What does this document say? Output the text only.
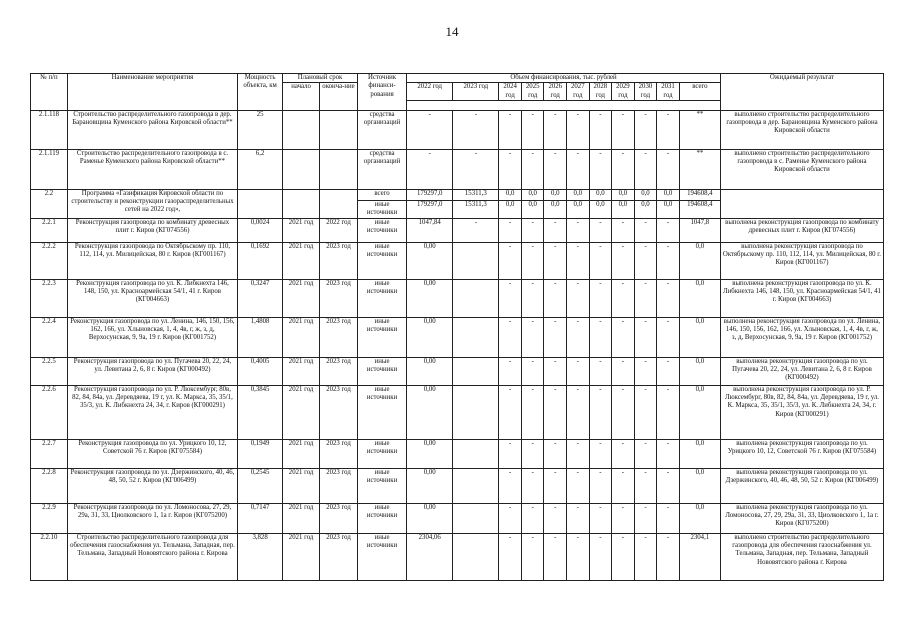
14
№ п/п	Наименование мероприятия	Мощность объекта, км	Плановый срок		Источник финанси-рования	Объем финансирования, тыс. рублей											Ожидаемый результат
			начало	оконча-ние		2022 год	2023 год	2024 год	2025 год	2026 год	2027 год	2028 год	2029 год	2030 год	2031 год	всего	

2.1.118	Строительство распределительного газопровода в дер. Барановщина Куменского района Кировской области**	25			средства организаций	-	-	-	-	-	-	-	-	-	-	**	выполнено строительство распределительного газопровода в дер. Барановщина Куменского района Кировской области
2.1.119	Строительство распределительного газопровода в с. Раменье Куменского района Кировской области**	6,2			средства организаций	-	-	-	-	-	-	-	-	-	-	**	выполнено строительство распределительного газопровода в с. Раменье Куменского района Кировской области
2.2	Программа «Газификация Кировской области по строительству и реконструкции газораспределительных сетей на 2022 год»,				всего	179297,0	15311,3	0,0	0,0	0,0	0,0	0,0	0,0	0,0	0,0	194608,4	
					иные источники	179297,0	15311,3	0,0	0,0	0,0	0,0	0,0	0,0	0,0	0,0	194608,4	
2.2.1	Реконструкция газопровода по комбинату древесных плит г. Киров (КГ074556)	0,0024	2021 год	2022 год	иные источники	1047,84	-	-	-	-	-	-	-	-	-	1047,8	выполнена реконструкция газопровода по комбинату древесных плит г. Киров (КГ074556)
2.2.2	Реконструкция газопровода по Октябрьскому пр. 110, 112, 114, ул. Милицейская, 80 г. Киров (КГ001167)	0,1692	2021 год	2023 год	иные источники	0,00		-	-	-	-	-	-	-	-	0,0	выполнена реконструкция газопровода по Октябрьскому пр. 110, 112, 114, ул. Милицейская, 80 г. Киров (КГ001167)
2.2.3	Реконструкция газопровода по ул. К. Либкнехта 146, 148, 150, ул. Красноармейская 54/1, 41 г. Киров (КГ004663)	0,3247	2021 год	2023 год	иные источники	0,00		-	-	-	-	-	-	-	-	0,0	выполнена реконструкция газопровода по ул. К. Либкнехта 146, 148, 150, ул. Красноармейская 54/1, 41 г. Киров (КГ004663)
2.2.4	Реконструкция газопровода по ул. Ленина, 146, 150, 156, 162, 166, ул. Хлыновская, 1, 4, 4в, г, ж, з, д, Верхосунская, 9, 9а, 19 г. Киров (КГ001752)	1,4808	2021 год	2023 год	иные источники	0,00		-	-	-	-	-	-	-	-	0,0	выполнена реконструкция газопровода по ул. Ленина, 146, 150, 156, 162, 166, ул. Хлыновская, 1, 4, 4в, г, ж, з, д, Верхосунская, 9, 9а, 19 г. Киров (КГ001752)
2.2.5	Реконструкция газопровода по ул. Пугачева 20, 22, 24, ул. Левитана 2, 6, 8 г. Киров (КГ000492)	0,4005	2021 год	2023 год	иные источники	0,00		-	-	-	-	-	-	-	-	0,0	выполнена реконструкция газопровода по ул. Пугачева 20, 22, 24, ул. Левитана 2, 6, 8 г. Киров (КГ000492)
2.2.6	Реконструкция газопровода по ул. Р. Люксембург, 80в, 82, 84, 84а, ул. Деревдяева, 19 г, ул. К. Маркса, 35, 35/1, 35/3, ул. К. Либкнехта 24, 34, г. Киров (КГ000291)	0,3845	2021 год	2023 год	иные источники	0,00		-	-	-	-	-	-	-	-	0,0	выполнена реконструкция газопровода по ул. Р. Люксембург, 80в, 82, 84, 84а, ул. Деревдяева, 19 г, ул. К. Маркса, 35, 35/1, 35/3, ул. К. Либкнехта 24, 34, г. Киров (КГ000291)
2.2.7	Реконструкция газопровода по ул. Урицкого 10, 12, Советской 76 г. Киров (КГ075584)	0,1949	2021 год	2023 год	иные источники	0,00		-	-	-	-	-	-	-	-	0,0	выполнена реконструкция газопровода по ул. Урицкого 10, 12, Советской 76 г. Киров (КГ075584)
2.2.8	Реконструкция газопровода по ул. Дзержинского, 40, 46, 48, 50, 52 г. Киров (КГ006499)	0,2545	2021 год	2023 год	иные источники	0,00		-	-	-	-	-	-	-	-	0,0	выполнена реконструкция газопровода по ул. Дзержинского, 40, 46, 48, 50, 52 г. Киров (КГ006499)
2.2.9	Реконструкция газопровода по ул. Ломоносова, 27, 29, 29а, 31, 33, Циолковского 1, 1а г. Киров (КГ075200)	0,7147	2021 год	2023 год	иные источники	0,00		-	-	-	-	-	-	-	-	0,0	выполнена реконструкция газопровода по ул. Ломоносова, 27, 29, 29а, 31, 33, Циолковского 1, 1а г. Киров (КГ075200)
2.2.10	Строительство распределительного газопровода для обеспечения газоснабжения ул. Тельмана, Западная, пер. Тельмана, Западный Нововятского района г. Кирова	3,828	2021 год	2023 год	иные источники	2304,06		-	-	-	-	-	-	-	-	2304,1	выполнено строительство распределительного газопровода для обеспечения газоснабжения ул. Тельмана, Западная, пер. Тельмана, Западный Нововятского района г. Кирова
